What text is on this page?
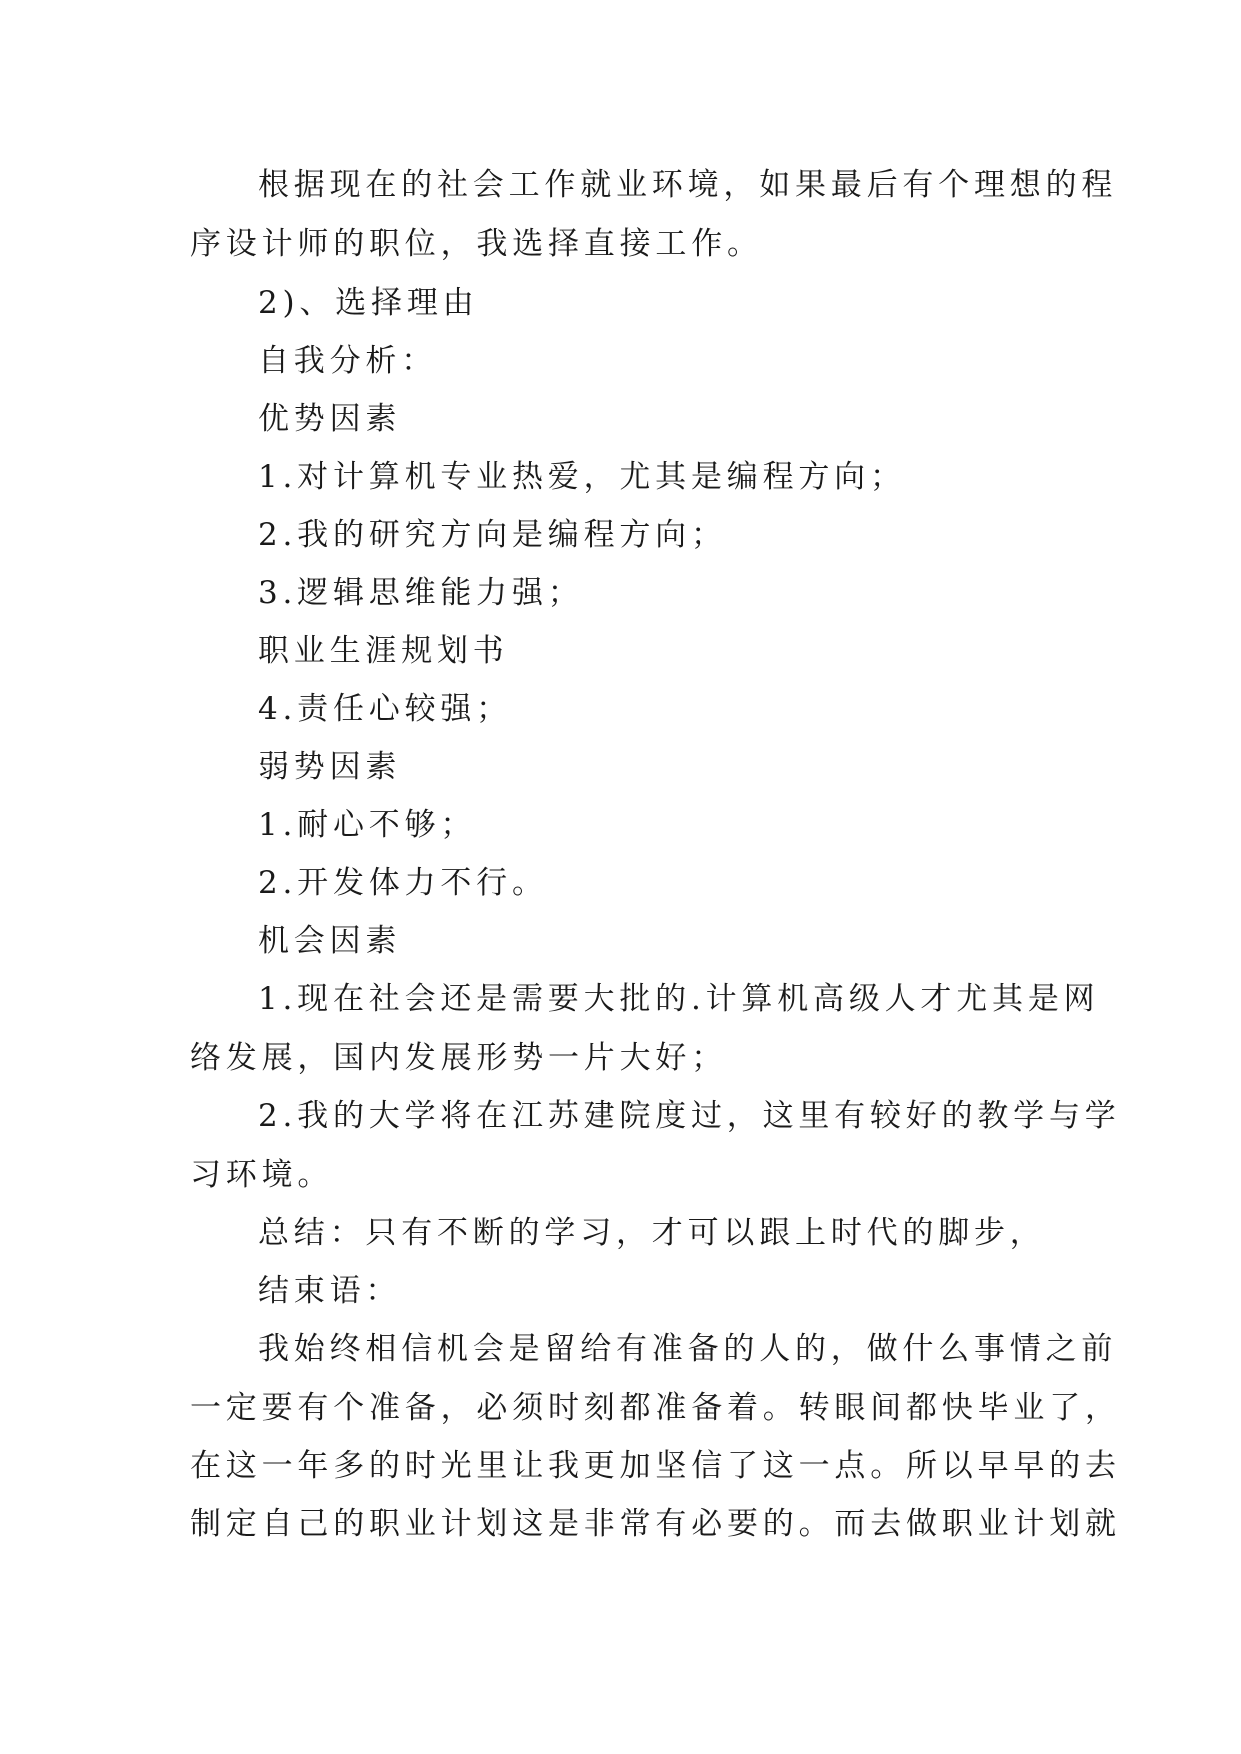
根据现在的社会工作就业环境，如果最后有个理想的程

序设计师的职位，我选择直接工作。

2)、选择理由

自我分析：

优势因素

1.对计算机专业热爱，尤其是编程方向；

2.我的研究方向是编程方向；

3.逻辑思维能力强；

职业生涯规划书

4.责任心较强；

弱势因素

1.耐心不够；

2.开发体力不行。

机会因素

1.现在社会还是需要大批的.计算机高级人才尤其是网

络发展，国内发展形势一片大好；

2.我的大学将在江苏建院度过，这里有较好的教学与学

习环境。

总结：只有不断的学习，才可以跟上时代的脚步，

结束语：

我始终相信机会是留给有准备的人的，做什么事情之前

一定要有个准备，必须时刻都准备着。转眼间都快毕业了，

在这一年多的时光里让我更加坚信了这一点。所以早早的去

制定自己的职业计划这是非常有必要的。而去做职业计划就
